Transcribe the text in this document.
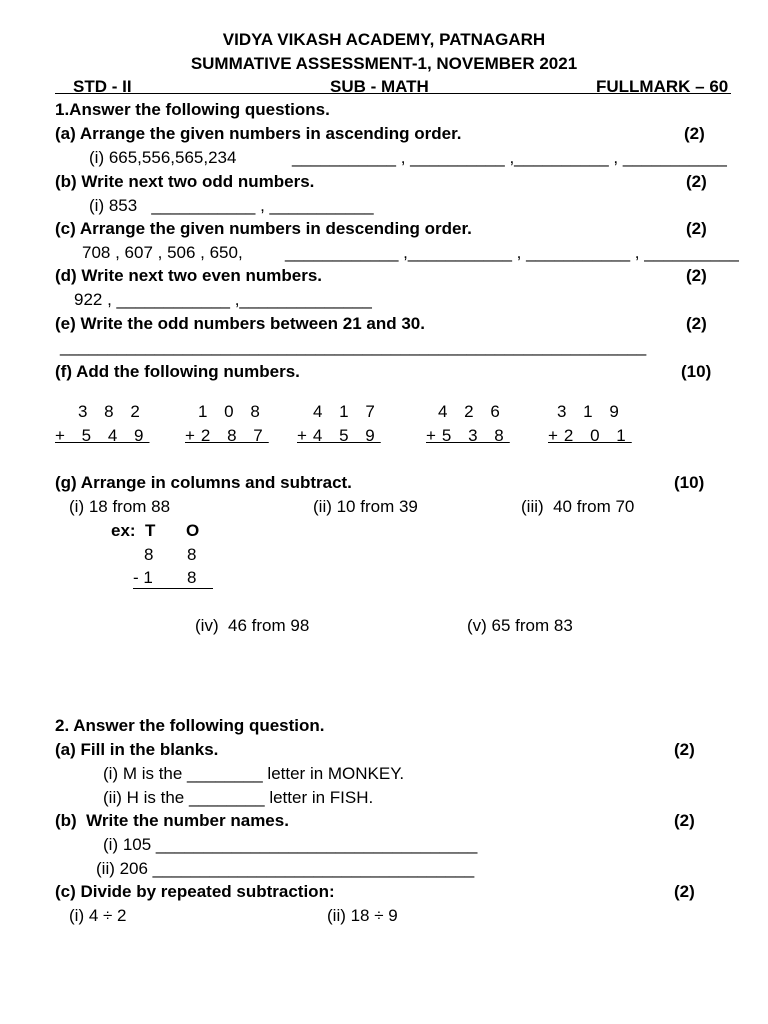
VIDYA VIKASH ACADEMY, PATNAGARH
SUMMATIVE ASSESSMENT-1, NOVEMBER 2021
STD - II	SUB - MATH	FULLMARK – 60
1.Answer the following questions.
(a) Arrange the given numbers in ascending order.	(2)
(i) 665,556,565,234	___________ , __________ ,__________ , ___________
(b) Write next two odd numbers.	(2)
(i) 853   ___________ , ___________
(c) Arrange the given numbers in descending order.	(2)
708 , 607 , 506 , 650, ____________ ,___________ , ___________ , __________
(d) Write next two even numbers.	(2)
922 , ____________ ,______________
(e) Write the odd numbers between 21 and 30.	(2)
______________________________________________________________
(f) Add the following numbers.	(10)
3 8 2
+ 5 4 9
1 0 8
+2 8 7
4 1 7
+4 5 9
4 2 6
+5 3 8
3 1 9
+2 0 1
(g) Arrange in columns and subtract.	(10)
(i) 18 from 88	(ii) 10 from 39	(iii)  40 from 70
ex: T O
8 8
- 1 8
(iv)  46 from 98	(v) 65 from 83
2. Answer the following question.
(a) Fill in the blanks.	(2)
(i) M is the ________ letter in MONKEY.
(ii) H is the ________ letter in FISH.
(b)  Write the number names.	(2)
(i) 105 __________________________________
(ii) 206 __________________________________
(c) Divide by repeated subtraction:	(2)
(i) 4 ÷ 2	(ii) 18 ÷ 9
